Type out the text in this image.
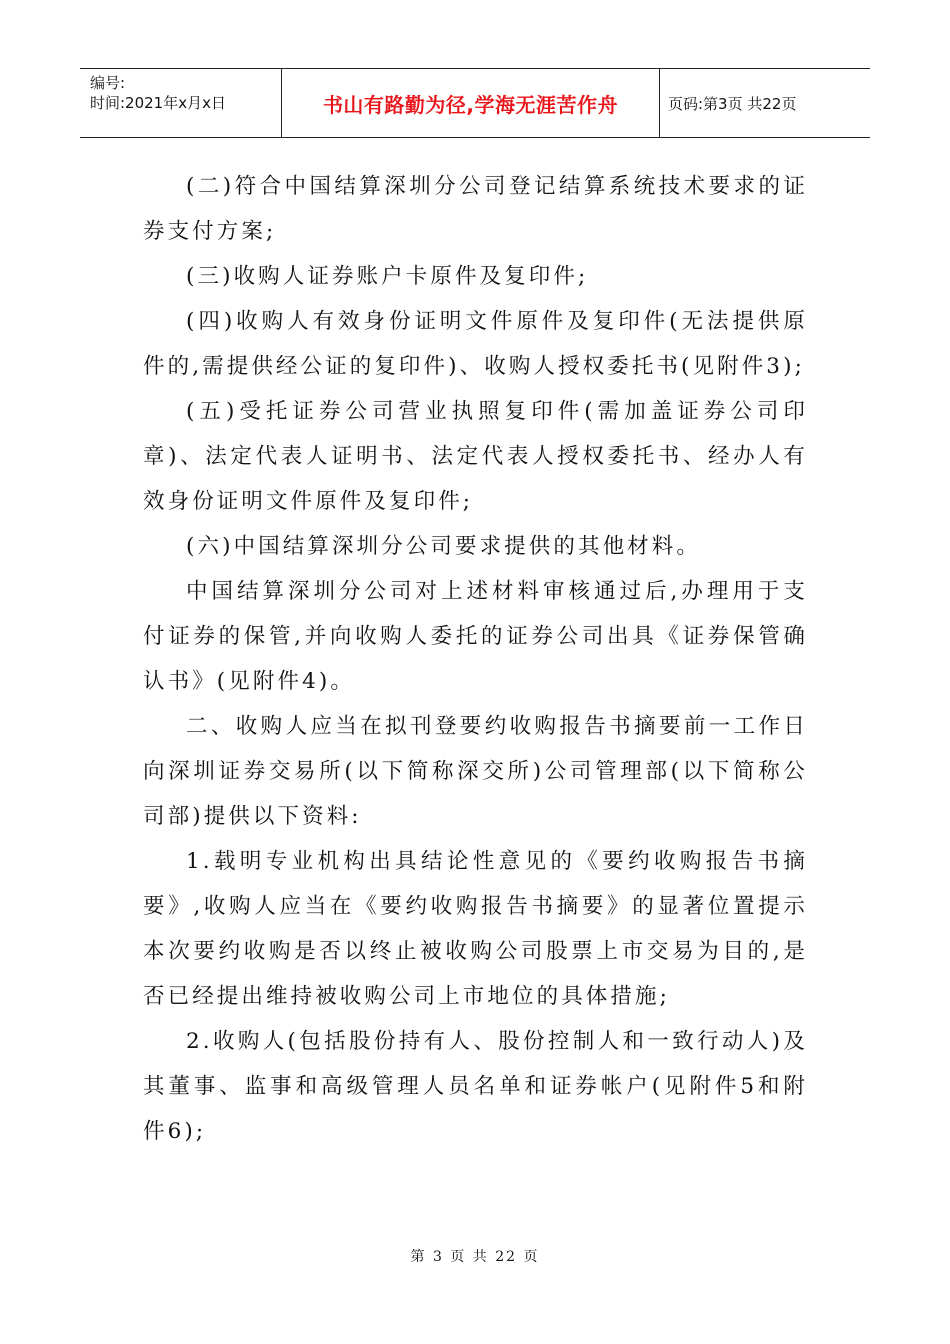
编号:
时间:2021年x月x日	书山有路勤为径,学海无涯苦作舟	页码:第3页 共22页

(二)符合中国结算深圳分公司登记结算系统技术要求的证券支付方案;

(三)收购人证券账户卡原件及复印件;

(四)收购人有效身份证明文件原件及复印件(无法提供原件的,需提供经公证的复印件)、收购人授权委托书(见附件3);

(五)受托证券公司营业执照复印件(需加盖证券公司印章)、法定代表人证明书、法定代表人授权委托书、经办人有效身份证明文件原件及复印件;

(六)中国结算深圳分公司要求提供的其他材料。

中国结算深圳分公司对上述材料审核通过后,办理用于支付证券的保管,并向收购人委托的证券公司出具《证券保管确认书》(见附件4)。

二、收购人应当在拟刊登要约收购报告书摘要前一工作日向深圳证券交易所(以下简称深交所)公司管理部(以下简称公司部)提供以下资料:

1.载明专业机构出具结论性意见的《要约收购报告书摘要》,收购人应当在《要约收购报告书摘要》的显著位置提示本次要约收购是否以终止被收购公司股票上市交易为目的,是否已经提出维持被收购公司上市地位的具体措施;

2.收购人(包括股份持有人、股份控制人和一致行动人)及其董事、监事和高级管理人员名单和证券帐户(见附件5和附件6);

第 3 页 共 22 页
